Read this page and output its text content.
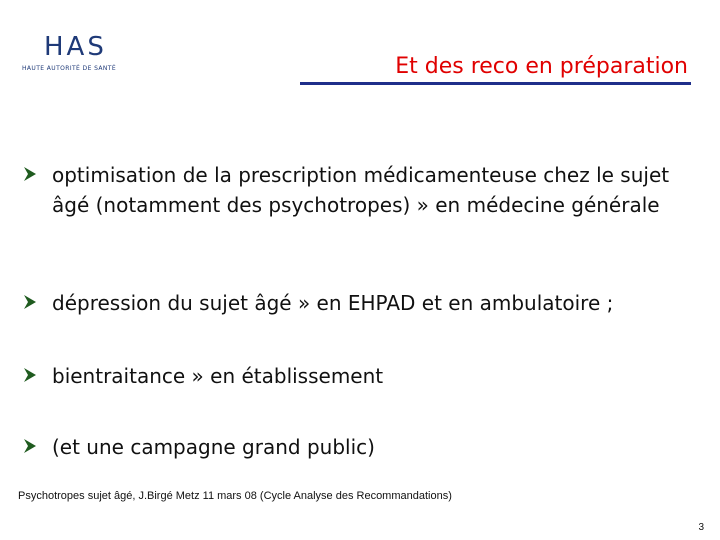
HAS
HAUTE AUTORITÉ DE SANTÉ	Et des reco en préparation
optimisation de la prescription médicamenteuse chez le sujet âgé (notamment des psychotropes) » en médecine générale
dépression du sujet âgé » en EHPAD et en ambulatoire ;
bientraitance » en établissement
(et une campagne grand public)
Psychotropes sujet âgé, J.Birgé Metz 11 mars 08 (Cycle Analyse des Recommandations)
3
